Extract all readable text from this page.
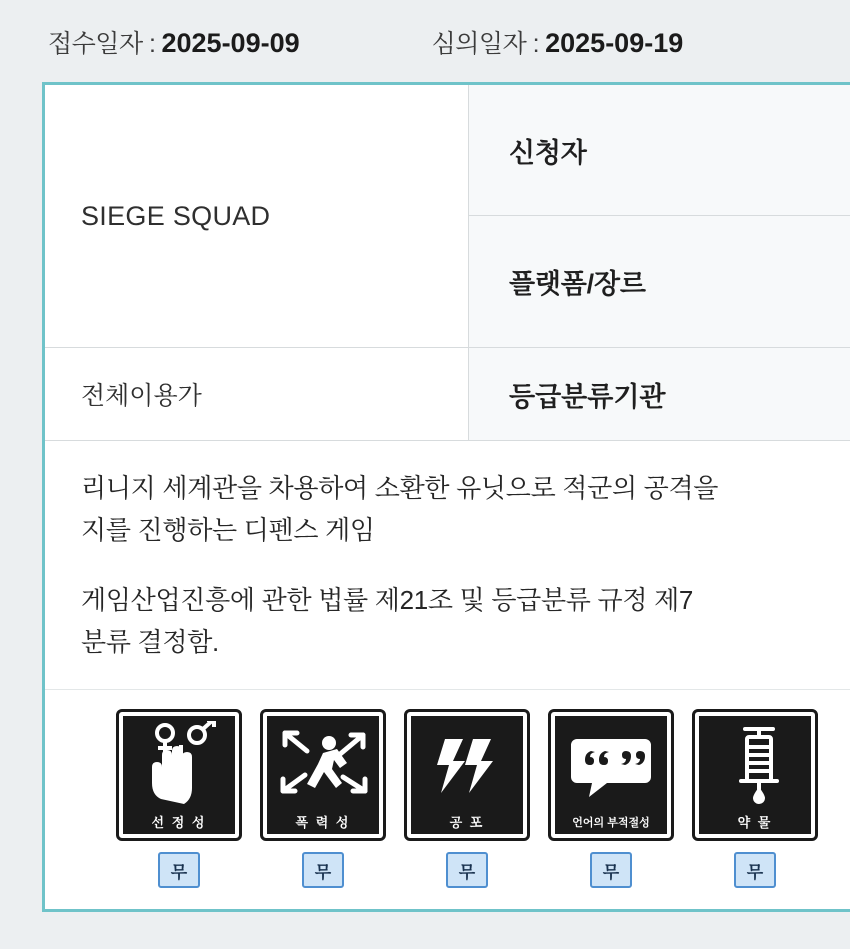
접수일자 : 2025-09-09	심의일자 : 2025-09-19
SIEGE SQUAD
신청자
플랫폼/장르
전체이용가	등급분류기관

리니지 세계관을 차용하여 소환한 유닛으로 적군의 공격을

지를 진행하는 디펜스 게임

게임산업진흥에 관한 법률 제21조 및 등급분류 규정 제7

분류 결정함.

선 정 성
무
폭 력 성
무
공 포
무
언어의 부적절성
무
약 물
무
